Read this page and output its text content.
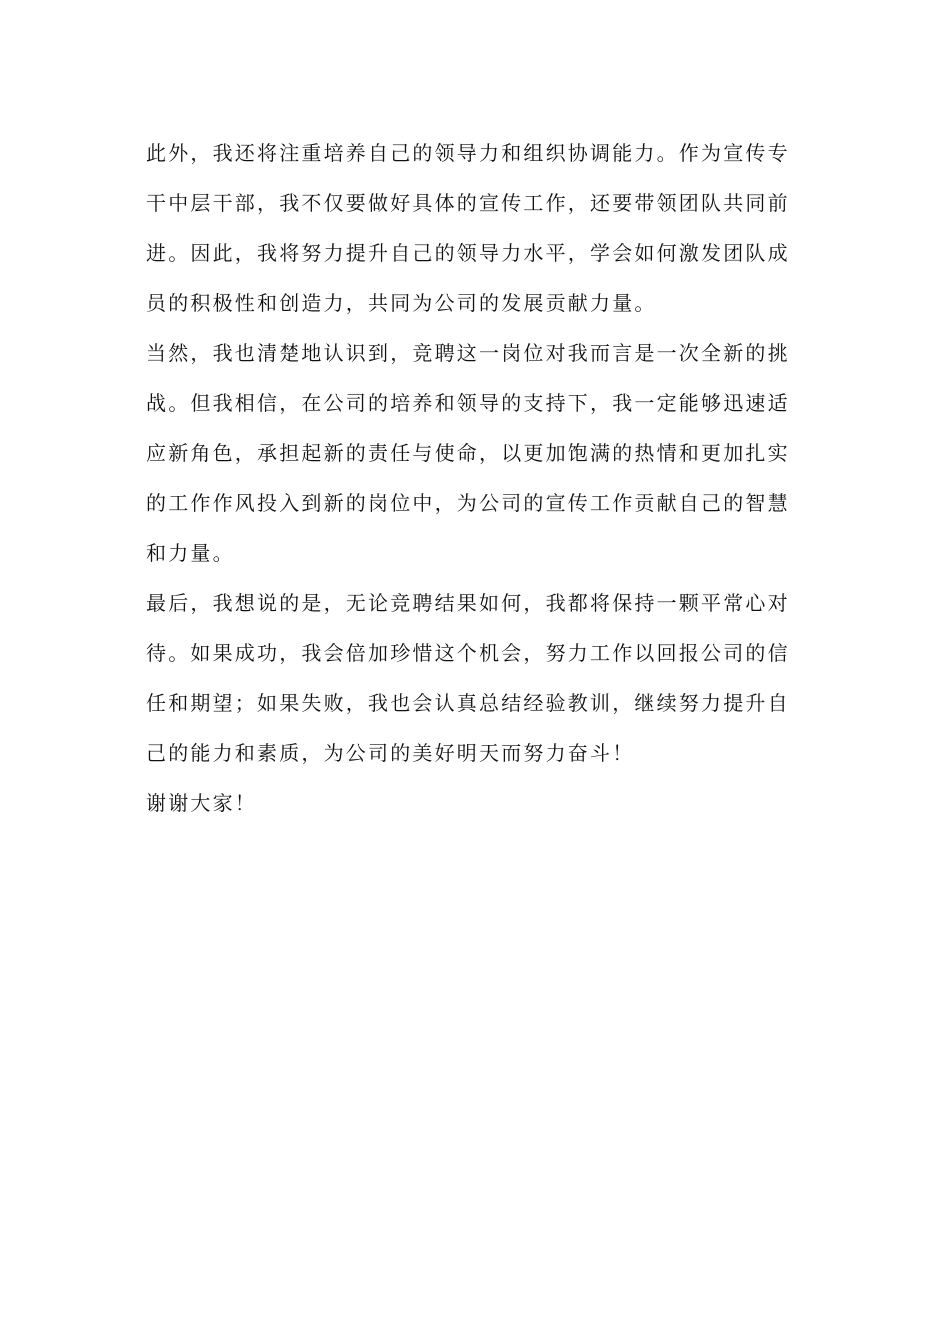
此外，我还将注重培养自己的领导力和组织协调能力。作为宣传专
干中层干部，我不仅要做好具体的宣传工作，还要带领团队共同前
进。因此，我将努力提升自己的领导力水平，学会如何激发团队成
员的积极性和创造力，共同为公司的发展贡献力量。

当然，我也清楚地认识到，竞聘这一岗位对我而言是一次全新的挑
战。但我相信，在公司的培养和领导的支持下，我一定能够迅速适
应新角色，承担起新的责任与使命，以更加饱满的热情和更加扎实
的工作作风投入到新的岗位中，为公司的宣传工作贡献自己的智慧
和力量。

最后，我想说的是，无论竞聘结果如何，我都将保持一颗平常心对
待。如果成功，我会倍加珍惜这个机会，努力工作以回报公司的信
任和期望；如果失败，我也会认真总结经验教训，继续努力提升自
己的能力和素质，为公司的美好明天而努力奋斗！

谢谢大家！
